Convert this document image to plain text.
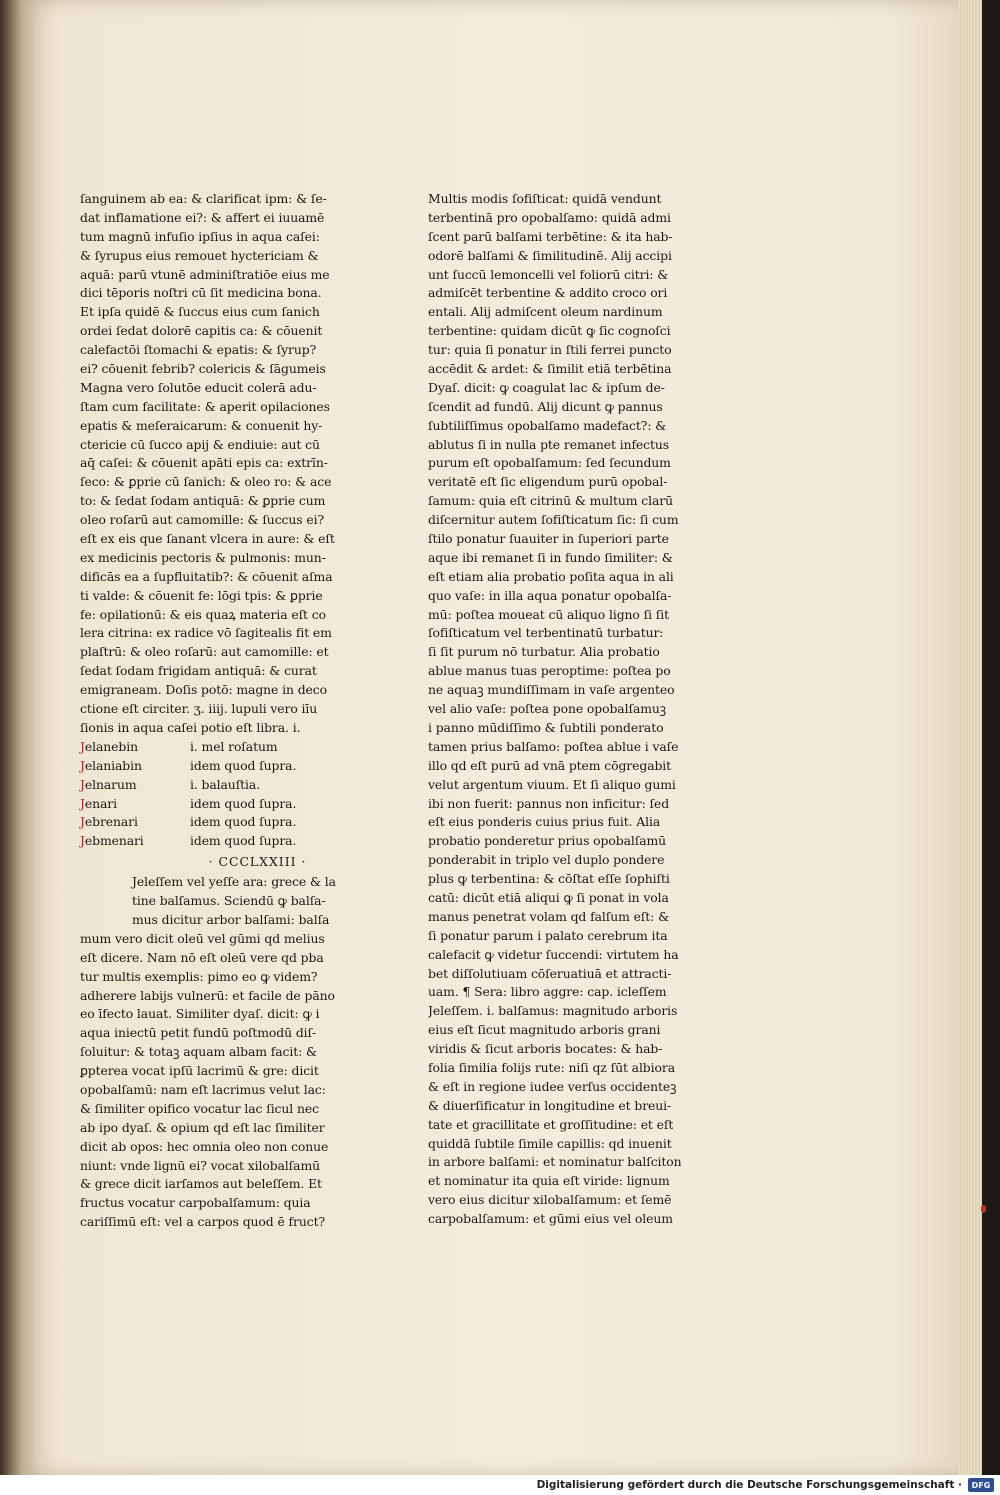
ſanguinem ab ea: & clarificat ipm: & ſe-
dat inflamatione ei?: & affert ei iuuamē
tum magnū infuſio ipſius in aqua caſei:
& ſyrupus eius remouet hyctericiam &
aquā: parū vtunē adminiſtratiōe eius me
dici tēporis noſtri cū ſit medicina bona.
Et ipſa quidē & ſuccus eius cum ſanich
ordei ſedat dolorē capitis ca: & cōuenit
calefactōi ſtomachi & epatis: & ſyrup?
ei? cōuenit febrib? colericis & ſāgumeis
Magna vero ſolutōe educit colerā adu-
ſtam cum facilitate: & aperit opilaciones
epatis & meſeraicarum: & conuenit hy-
ctericie cū ſucco apij & endiuie: aut cū
aq̄ caſei: & cōuenit apāti epis ca: extrīn-
ſeco: & ꝑprie cū ſanich: & oleo ro: & ace
to: & ſedat ſodam antiquā: & ꝑprie cum
oleo roſarū aut camomille: & ſuccus ei?
eſt ex eis que ſanant vlcera in aure: & eſt
ex medicinis pectoris & pulmonis: mun-
dificās ea a ſupfluitatib?: & cōuenit aſma
ti valde: & cōuenit fe: lōgi tpis: & ꝑprie
fe: opilationū: & eis quaꝝ materia eſt co
lera citrina: ex radice vō ſagitealis fit em
plaſtrū: & oleo roſarū: aut camomille: et
ſedat ſodam frigidam antiquā: & curat
emigraneam. Doſis potō: magne in deco
ctione eſt circiter. ʒ. iiij. lupuli vero iīu
ſionis in aqua caſei potio eſt libra. i.
Jelanebin	i. mel roſatum
Jelaniabin	idem quod ſupra.
Jelnarum	i. balauſtia.
Jenari	idem quod ſupra.
Jebrenari	idem quod ſupra.
Jebmenari	idem quod ſupra.
· CCCLXXIII ·
Jeleſſem vel yeſſe ara: grece & la
tine balſamus. Sciendū ꝙ balſa-
mus dicitur arbor balſami: balſa
mum vero dicit oleū vel gūmi qd melius
eſt dicere. Nam nō eſt oleū vere qd pba
tur multis exemplis: pimo eo ꝙ videm?
adherere labijs vulnerū: et facile de pāno
eo īfecto lauat. Similiter dyaſ. dicit: ꝙ i
aqua iniectū petit fundū poſtmodū diſ-
ſoluitur: & totaꝫ aquam albam facit: &
ꝑpterea vocat ipſū lacrimū & gre: dicit
opobalſamū: nam eſt lacrimus velut lac:
& ſimiliter opifico vocatur lac ſicul nec
ab ipo dyaſ. & opium qd eſt lac ſimiliter
dicit ab opos: hec omnia oleo non conue
niunt: vnde lignū ei? vocat xilobalſamū
& grece dicit iarſamos aut beleſſem. Et
fructus vocatur carpobalſamum: quia
cariſſimū eſt: vel a carpos quod ē fruct?
Multis modis ſofiſticat: quidā vendunt
terbentinā pro opobalſamo: quidā admi
ſcent parū balſami terbētine: & ita hab-
odorē balſami & ſimilitudinē. Alij accipi
unt ſuccū lemoncelli vel foliorū citri: &
admiſcēt terbentine & addito croco ori
entali. Alij admiſcent oleum nardinum
terbentine: quidam dicūt ꝙ ſic cognoſci
tur: quia ſi ponatur in ſtili ferrei puncto
accēdit & ardet: & ſimilit etiā terbētina
Dyaſ. dicit: ꝙ coagulat lac & ipſum de-
ſcendit ad fundū. Alij dicunt ꝙ pannus
ſubtiliſſimus opobalſamo madefact?: &
ablutus ſi in nulla pte remanet infectus
purum eſt opobalſamum: ſed ſecundum
veritatē eſt ſic eligendum purū opobal-
ſamum: quia eſt citrinū & multum clarū
diſcernitur autem ſofiſticatum ſic: ſi cum
ſtilo ponatur ſuauiter in ſuperiori parte
aque ibi remanet ſi in fundo ſimiliter: &
eſt etiam alia probatio poſita aqua in ali
quo vaſe: in illa aqua ponatur opobalſa-
mū: poſtea moueat cū aliquo ligno ſi ſit
ſofiſticatum vel terbentinatū turbatur:
ſi ſit purum nō turbatur. Alia probatio
ablue manus tuas peroptime: poſtea po
ne aquaꝫ mundiſſimam in vaſe argenteo
vel alio vaſe: poſtea pone opobalſamuꝫ
i panno mūdiſſimo & ſubtili ponderato
tamen prius balſamo: poſtea ablue i vaſe
illo qd eſt purū ad vnā ptem cōgregabit
velut argentum viuum. Et ſi aliquo gumi
ibi non fuerit: pannus non inficitur: ſed
eſt eius ponderis cuius prius fuit. Alia
probatio ponderetur prius opobalſamū
ponderabit in triplo vel duplo pondere
plus ꝙ terbentina: & cōſtat eſſe ſophiſti
catū: dicūt etiā aliqui ꝙ ſi ponat in vola
manus penetrat volam qd falſum eſt: &
ſi ponatur parum i palato cerebrum ita
calefacit ꝙ videtur ſuccendi: virtutem ha
bet diſſolutiuam cōſeruatiuā et attracti-
uam. ¶ Sera: libro aggre: cap. icleſſem
Jeleſſem. i. balſamus: magnitudo arboris
eius eſt ſicut magnitudo arboris grani
viridis & ſicut arboris bocates: & hab-
folia ſimilia folijs rute: niſi qz ſūt albiora
& eſt in regione iudee verſus occidenteꝫ
& diuerſificatur in longitudine et breui-
tate et gracillitate et groſſitudine: et eſt
quiddā ſubtile ſimile capillis: qd inuenit
in arbore balſami: et nominatur balſciton
et nominatur ita quia eſt viride: lignum
vero eius dicitur xilobalſamum: et ſemē
carpobalſamum: et gūmi eius vel oleum
Digitalisierung gefördert durch die Deutsche Forschungsgemeinschaft ·	DFG
